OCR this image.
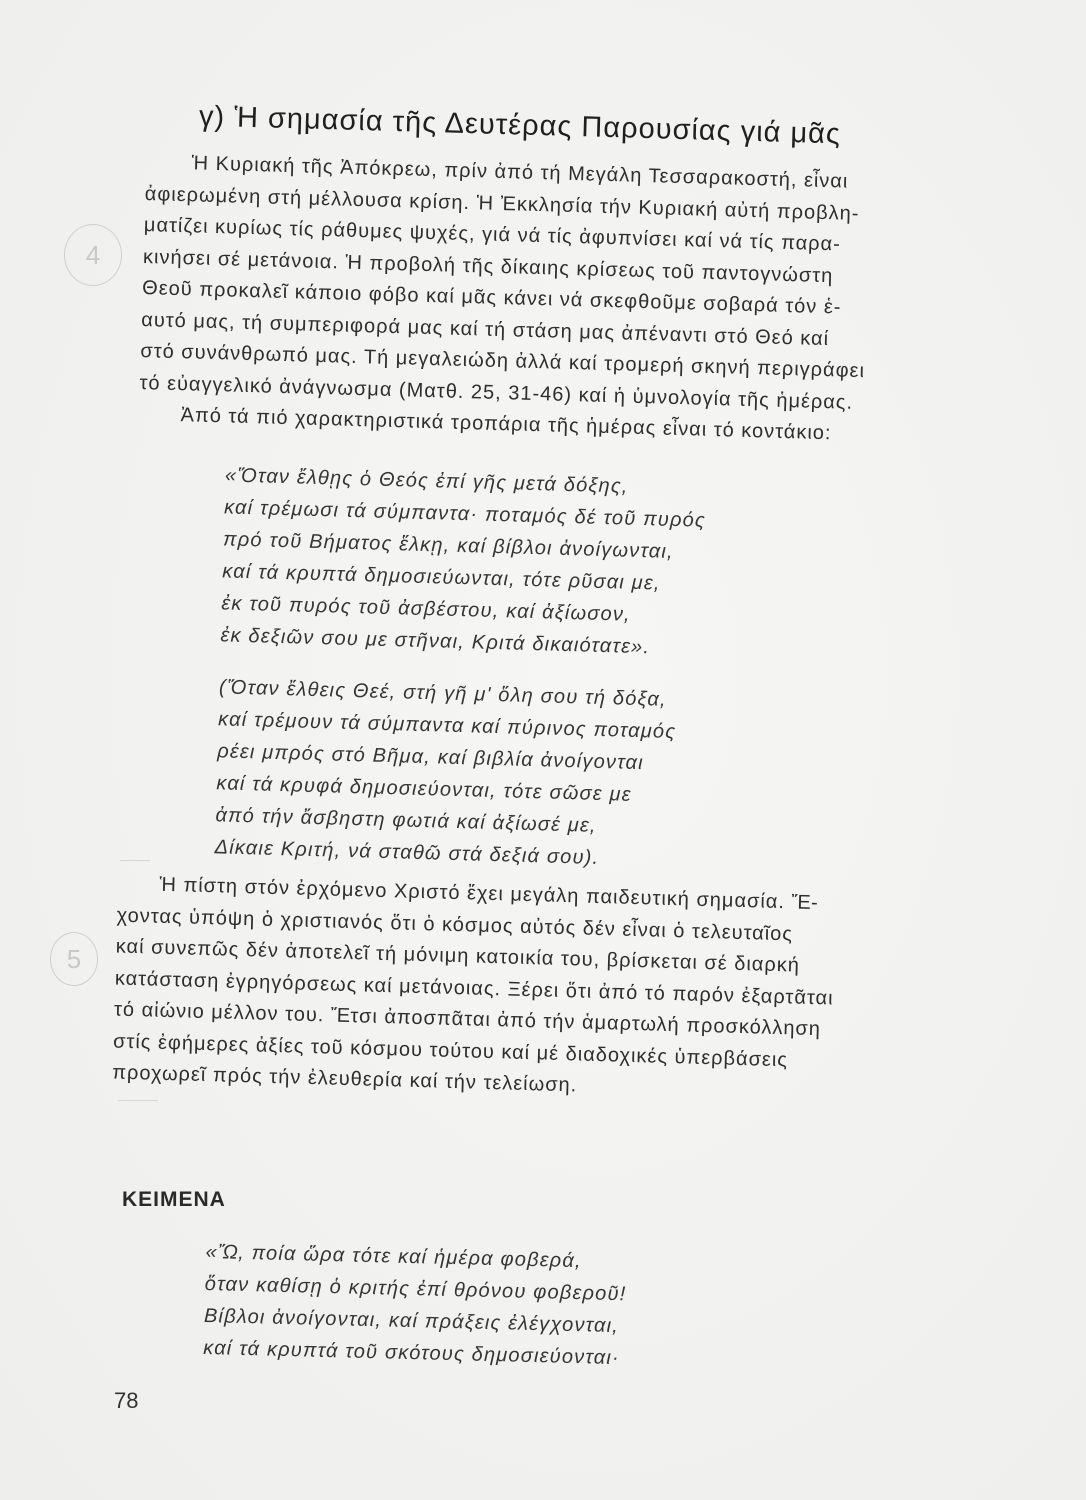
4
5
γ) Ἡ σημασία τῆς Δευτέρας Παρουσίας γιά μᾶς

Ἡ Κυριακή τῆς Ἀπόκρεω, πρίν ἀπό τή Μεγάλη Τεσσαρακοστή, εἶναι
ἀφιερωμένη στή μέλλουσα κρίση. Ἡ Ἐκκλησία τήν Κυριακή αὐτή προβλη-
ματίζει κυρίως τίς ράθυμες ψυχές, γιά νά τίς ἀφυπνίσει καί νά τίς παρα-
κινήσει σέ μετάνοια. Ἡ προβολή τῆς δίκαιης κρίσεως τοῦ παντογνώστη
Θεοῦ προκαλεῖ κάποιο φόβο καί μᾶς κάνει νά σκεφθοῦμε σοβαρά τόν ἑ-
αυτό μας, τή συμπεριφορά μας καί τή στάση μας ἀπέναντι στό Θεό καί
στό συνάνθρωπό μας. Τή μεγαλειώδη ἀλλά καί τρομερή σκηνή περιγράφει
τό εὐαγγελικό ἀνάγνωσμα (Ματθ. 25, 31-46) καί ἡ ὑμνολογία τῆς ἡμέρας.
Ἀπό τά πιό χαρακτηριστικά τροπάρια τῆς ἡμέρας εἶναι τό κοντάκιο:

«Ὅταν ἔλθῃς ὁ Θεός ἐπί γῆς μετά δόξης,
καί τρέμωσι τά σύμπαντα· ποταμός δέ τοῦ πυρός
πρό τοῦ Βήματος ἕλκῃ, καί βίβλοι ἀνοίγωνται,
καί τά κρυπτά δημοσιεύωνται, τότε ρῦσαι με,
ἐκ τοῦ πυρός τοῦ ἀσβέστου, καί ἀξίωσον,
ἐκ δεξιῶν σου με στῆναι, Κριτά δικαιότατε».
(Ὅταν ἔλθεις Θεέ, στή γῆ μ' ὅλη σου τή δόξα,
καί τρέμουν τά σύμπαντα καί πύρινος ποταμός
ρέει μπρός στό Βῆμα, καί βιβλία ἀνοίγονται
καί τά κρυφά δημοσιεύονται, τότε σῶσε με
ἀπό τήν ἄσβηστη φωτιά καί ἀξίωσέ με,
Δίκαιε Κριτή, νά σταθῶ στά δεξιά σου).

Ἡ πίστη στόν ἐρχόμενο Χριστό ἔχει μεγάλη παιδευτική σημασία. Ἔ-
χοντας ὑπόψη ὁ χριστιανός ὅτι ὁ κόσμος αὐτός δέν εἶναι ὁ τελευταῖος
καί συνεπῶς δέν ἀποτελεῖ τή μόνιμη κατοικία του, βρίσκεται σέ διαρκή
κατάσταση ἐγρηγόρσεως καί μετάνοιας. Ξέρει ὅτι ἀπό τό παρόν ἐξαρτᾶται
τό αἰώνιο μέλλον του. Ἔτσι ἀποσπᾶται ἀπό τήν ἁμαρτωλή προσκόλληση
στίς ἐφήμερες ἀξίες τοῦ κόσμου τούτου καί μέ διαδοχικές ὑπερβάσεις
προχωρεῖ πρός τήν ἐλευθερία καί τήν τελείωση.

ΚΕΙΜΕΝΑ
«Ὤ, ποία ὥρα τότε καί ἡμέρα φοβερά,
ὅταν καθίσῃ ὁ κριτής ἐπί θρόνου φοβεροῦ!
Βίβλοι ἀνοίγονται, καί πράξεις ἐλέγχονται,
καί τά κρυπτά τοῦ σκότους δημοσιεύονται·
78
